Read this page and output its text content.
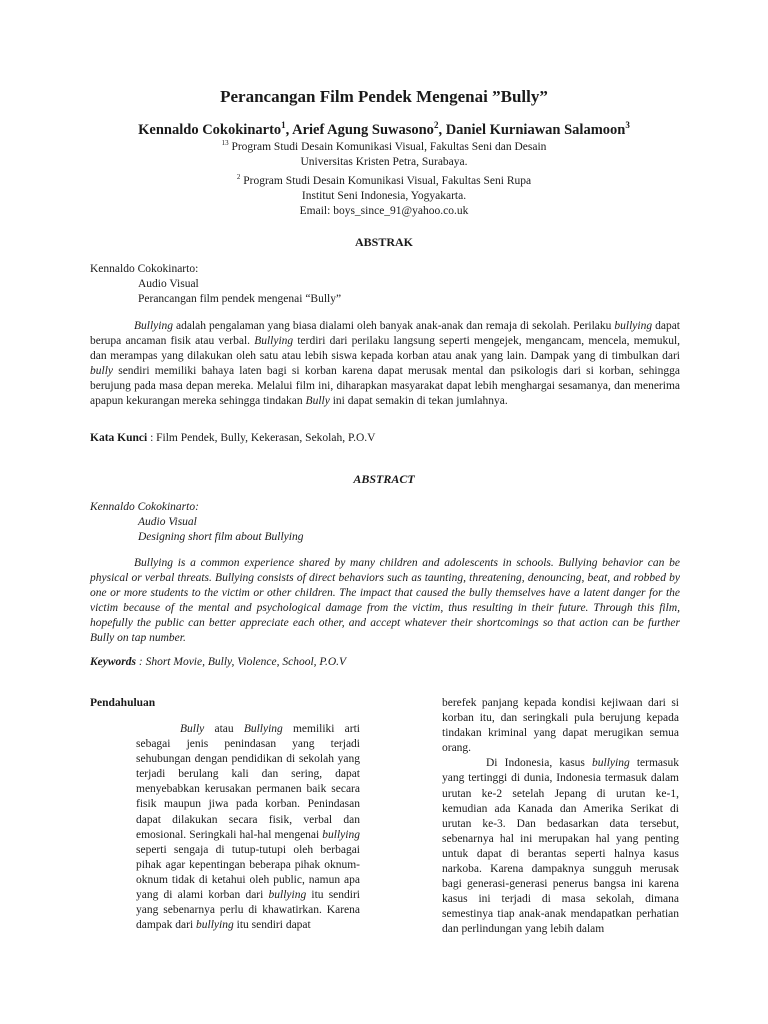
Perancangan Film Pendek Mengenai ”Bully”
Kennaldo Cokokinarto$^1$, Arief Agung Suwasono$^2$, Daniel Kurniawan Salamoon$^3$
$^{13}$ Program Studi Desain Komunikasi Visual, Fakultas Seni dan Desain
Universitas Kristen Petra, Surabaya.
$^2$ Program Studi Desain Komunikasi Visual, Fakultas Seni Rupa
Institut Seni Indonesia, Yogyakarta.
Email: boys_since_91@yahoo.co.uk
ABSTRAK
Kennaldo Cokokinarto:
Audio Visual
Perancangan film pendek mengenai “Bully”
Bullying adalah pengalaman yang biasa dialami oleh banyak anak-anak dan remaja di sekolah. Perilaku bullying dapat berupa ancaman fisik atau verbal. Bullying terdiri dari perilaku langsung seperti mengejek, mengancam, mencela, memukul, dan merampas yang dilakukan oleh satu atau lebih siswa kepada korban atau anak yang lain. Dampak yang di timbulkan dari bully sendiri memiliki bahaya laten bagi si korban karena dapat merusak mental dan psikologis dari si korban, sehingga berujung pada masa depan mereka. Melalui film ini, diharapkan masyarakat dapat lebih menghargai sesamanya, dan menerima apapun kekurangan mereka sehingga tindakan Bully ini dapat semakin di tekan jumlahnya.
Kata Kunci : Film Pendek, Bully, Kekerasan, Sekolah, P.O.V
ABSTRACT
Kennaldo Cokokinarto:
Audio Visual
Designing short film about Bullying
Bullying is a common experience shared by many children and adolescents in schools. Bullying behavior can be physical or verbal threats. Bullying consists of direct behaviors such as taunting, threatening, denouncing, beat, and robbed by one or more students to the victim or other children. The impact that caused the bully themselves have a latent danger for the victim because of the mental and psychological damage from the victim, thus resulting in their future. Through this film, hopefully the public can better appreciate each other, and accept whatever their shortcomings so that action can be further Bully on tap number.
Keywords : Short Movie, Bully, Violence, School, P.O.V
Pendahuluan

Bully atau Bullying memiliki arti sebagai jenis penindasan yang terjadi sehubungan dengan pendidikan di sekolah yang terjadi berulang kali dan sering, dapat menyebabkan kerusakan permanen baik secara fisik maupun jiwa pada korban. Penindasan dapat dilakukan secara fisik, verbal dan emosional. Seringkali hal-hal mengenai bullying seperti sengaja di tutup-tutupi oleh berbagai pihak agar kepentingan beberapa pihak oknum-oknum tidak di ketahui oleh public, namun apa yang di alami korban dari bullying itu sendiri yang sebenarnya perlu di khawatirkan. Karena dampak dari bullying itu sendiri dapat

berefek panjang kepada kondisi kejiwaan dari si korban itu, dan seringkali pula berujung kepada tindakan kriminal yang dapat merugikan semua orang.

Di Indonesia, kasus bullying termasuk yang tertinggi di dunia, Indonesia termasuk dalam urutan ke-2 setelah Jepang di urutan ke-1, kemudian ada Kanada dan Amerika Serikat di urutan ke-3. Dan bedasarkan data tersebut, sebenarnya hal ini merupakan hal yang penting untuk dapat di berantas seperti halnya kasus narkoba. Karena dampaknya sungguh merusak bagi generasi-generasi penerus bangsa ini karena kasus ini terjadi di masa sekolah, dimana semestinya tiap anak-anak mendapatkan perhatian dan perlindungan yang lebih dalam
